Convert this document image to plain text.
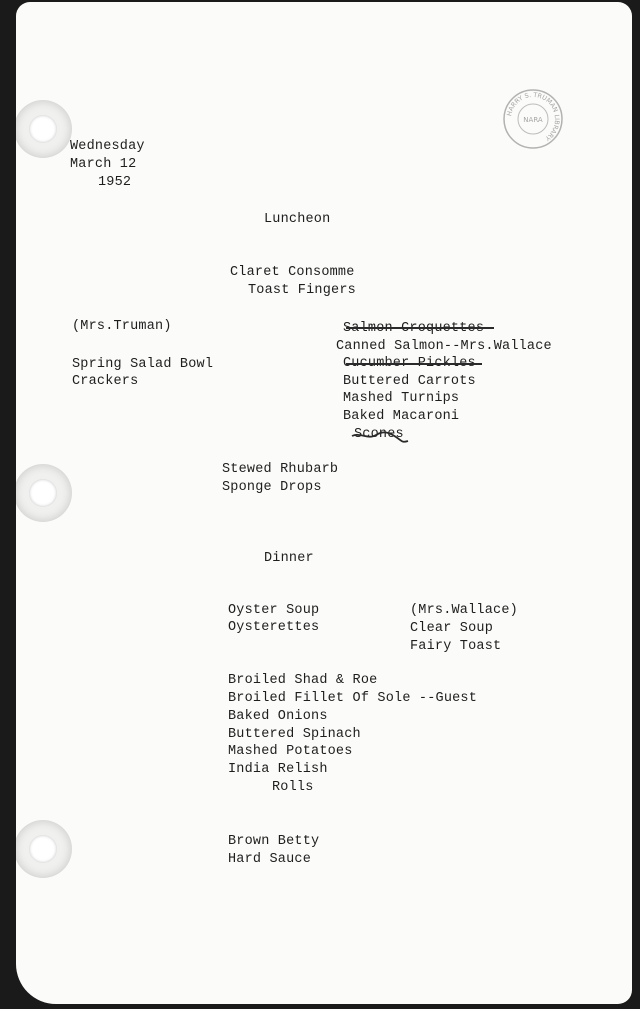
HARRY S. TRUMAN LIBRARY
NARA
Wednesday
March 12
1952
Luncheon
Claret Consomme
Toast Fingers
(Mrs.Truman)
Spring Salad Bowl
Crackers
Salmon Croquettes
Canned Salmon--Mrs.Wallace
Cucumber Pickles
Buttered Carrots
Mashed Turnips
Baked Macaroni
Scones
Stewed Rhubarb
Sponge Drops
Dinner
Oyster Soup
Oysterettes
(Mrs.Wallace)
Clear Soup
Fairy Toast
Broiled Shad & Roe
Broiled Fillet Of Sole --Guest
Baked Onions
Buttered Spinach
Mashed Potatoes
India Relish
Rolls
Brown Betty
Hard Sauce
